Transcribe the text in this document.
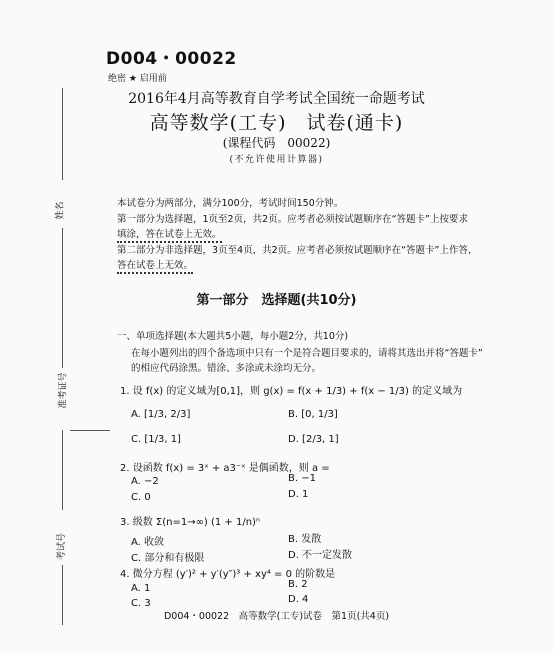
D004・00022
绝密 ★ 启用前
2016年4月高等教育自学考试全国统一命题考试
高等数学(工专)　试卷(通卡)
(课程代码　00022)
(不允许使用计算器)
姓名
准考证号
考试号
本试卷分为两部分，满分100分，考试时间150分钟。
第一部分为选择题，1页至2页，共2页。应考者必须按试题顺序在“答题卡”上按要求
填涂，答在试卷上无效。
第二部分为非选择题，3页至4页，共2页。应考者必须按试题顺序在“答题卡”上作答，
答在试卷上无效。
第一部分　选择题(共10分)
一、单项选择题(本大题共5小题，每小题2分，共10分)
在每小题列出的四个备选项中只有一个是符合题目要求的，请将其选出并将“答题卡”
的相应代码涂黑。错涂、多涂或未涂均无分。
1. 设 f(x) 的定义域为[0,1]，则 g(x) = f(x + 1/3) + f(x − 1/3) 的定义域为
A. [1/3, 2/3]	B. [0, 1/3]
C. [1/3, 1]	D. [2/3, 1]
2. 设函数 f(x) = 3ˣ + a3⁻ˣ 是偶函数，则 a =
A. −2	B. −1
C. 0	D. 1
3. 级数 Σ(n=1→∞) (1 + 1/n)ⁿ
A. 收敛	B. 发散
C. 部分和有极限	D. 不一定发散
4. 微分方程 (y′)² + y′(y″)³ + xy⁴ = 0 的阶数是
A. 1	B. 2
C. 3	D. 4
D004・00022　高等数学(工专)试卷　第1页(共4页)
